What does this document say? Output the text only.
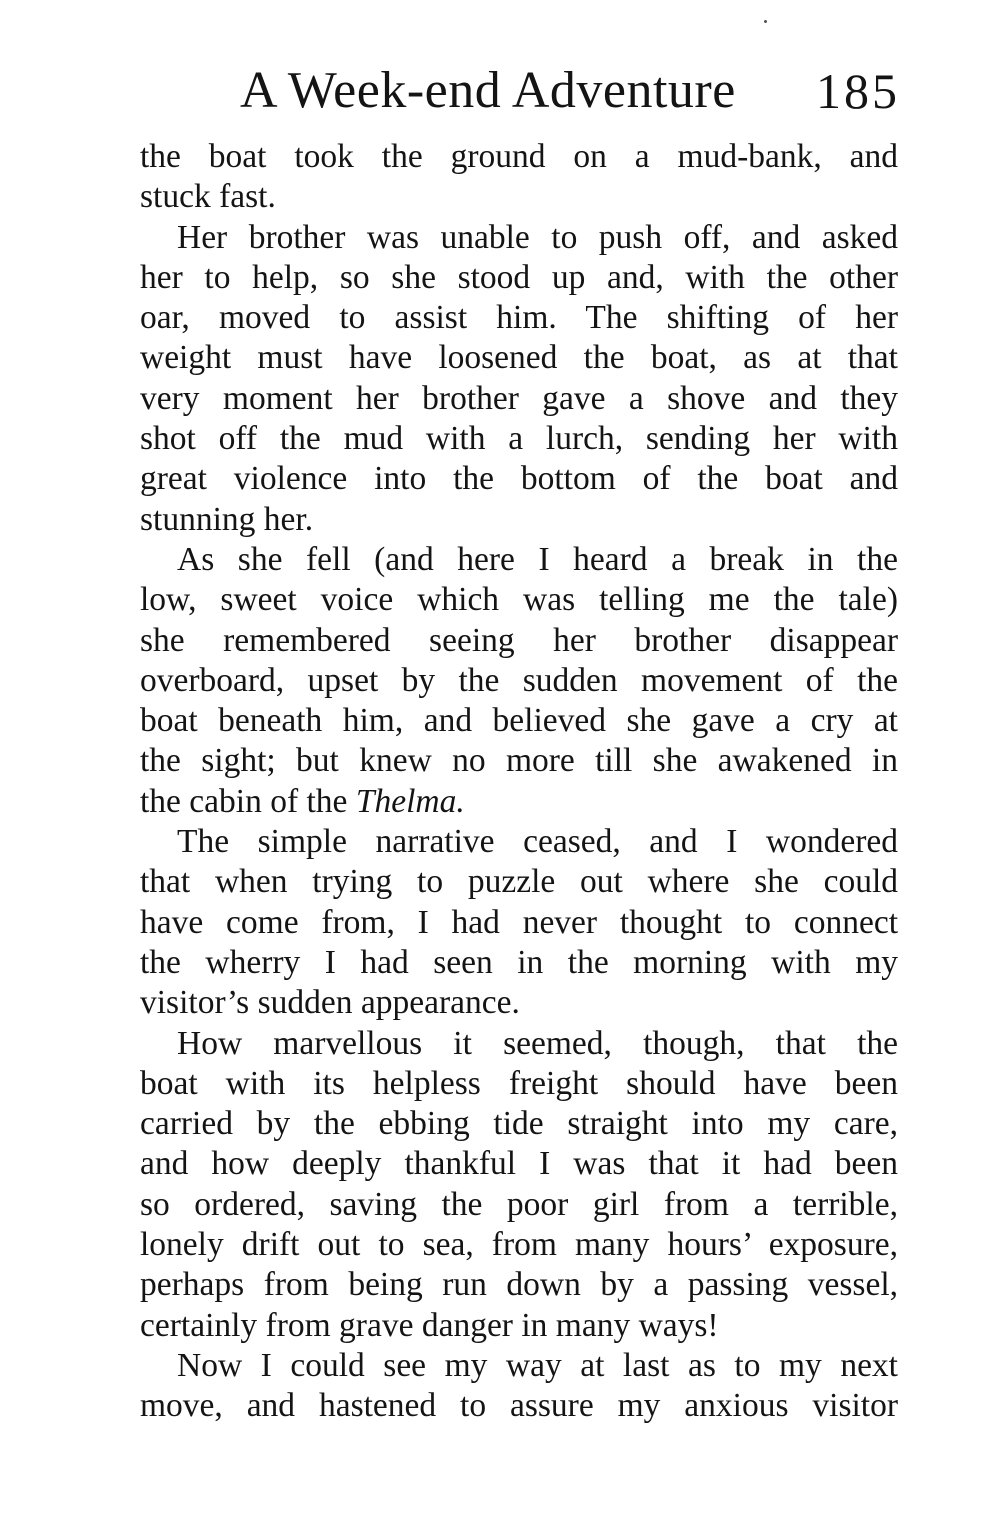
A Week-end Adventure 185
the boat took the ground on a mud-bank, and
stuck fast.
Her brother was unable to push off, and asked
her to help, so she stood up and, with the other
oar, moved to assist him. The shifting of her
weight must have loosened the boat, as at that
very moment her brother gave a shove and they
shot off the mud with a lurch, sending her with
great violence into the bottom of the boat and
stunning her.
As she fell (and here I heard a break in the
low, sweet voice which was telling me the tale)
she remembered seeing her brother disappear
overboard, upset by the sudden movement of the
boat beneath him, and believed she gave a cry at
the sight; but knew no more till she awakened in
the cabin of the Thelma.
The simple narrative ceased, and I wondered
that when trying to puzzle out where she could
have come from, I had never thought to connect
the wherry I had seen in the morning with my
visitor’s sudden appearance.
How marvellous it seemed, though, that the
boat with its helpless freight should have been
carried by the ebbing tide straight into my care,
and how deeply thankful I was that it had been
so ordered, saving the poor girl from a terrible,
lonely drift out to sea, from many hours’ exposure,
perhaps from being run down by a passing vessel,
certainly from grave danger in many ways!
Now I could see my way at last as to my next
move, and hastened to assure my anxious visitor
